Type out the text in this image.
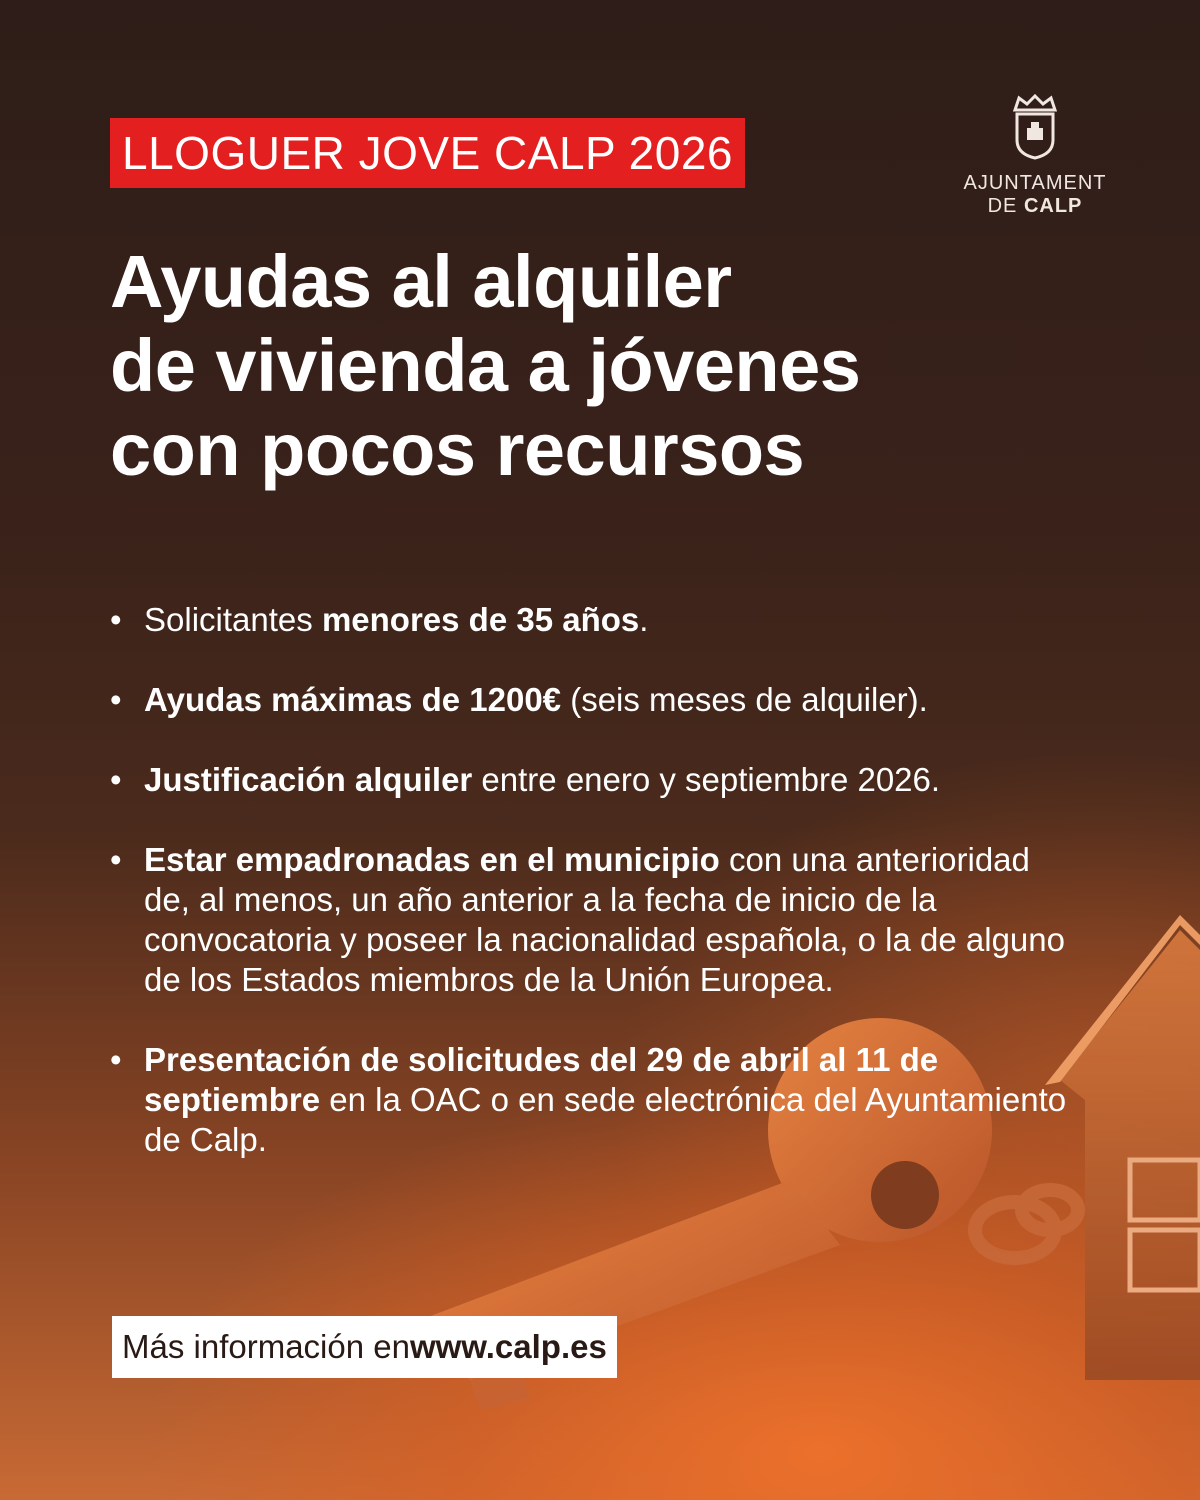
LLOGUER JOVE CALP 2026
AJUNTAMENT
DE CALP
Ayudas al alquiler
de vivienda a jóvenes
con pocos recursos
• Solicitantes menores de 35 años.
• Ayudas máximas de 1200€ (seis meses de alquiler).
• Justificación alquiler entre enero y septiembre 2026.
• Estar empadronadas en el municipio con una anterioridad de, al menos, un año anterior a la fecha de inicio de la convocatoria y poseer la nacionalidad española, o la de alguno de los Estados miembros de la Unión Europea.
• Presentación de solicitudes del 29 de abril al 11 de septiembre en la OAC o en sede electrónica del Ayuntamiento de Calp.
Más información en www.calp.es
